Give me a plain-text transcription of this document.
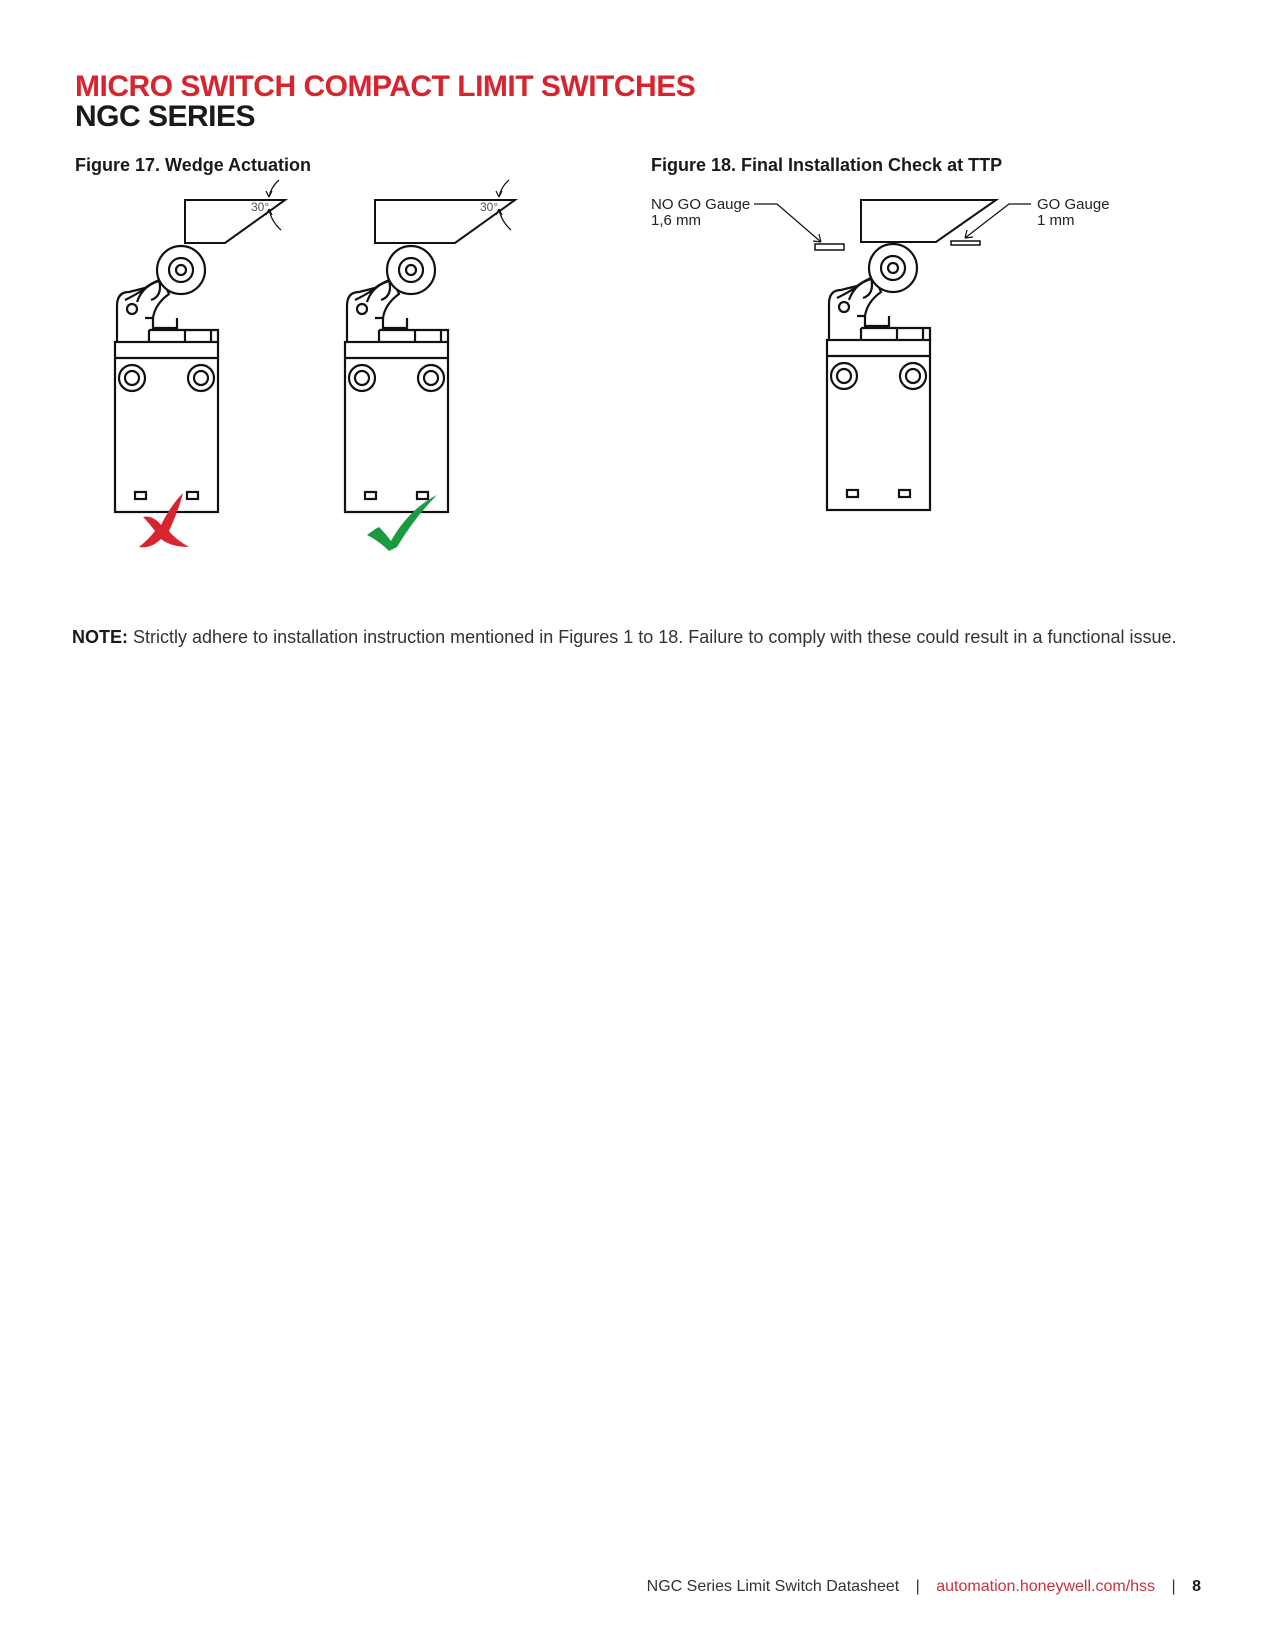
MICRO SWITCH COMPACT LIMIT SWITCHES
NGC SERIES

Figure 17. Wedge Actuation	Figure 18. Final Installation Check at TTP

30°	30°	NO GO Gauge
1,6 mm
GO Gauge
1 mm

NOTE: Strictly adhere to installation instruction mentioned in Figures 1 to 18. Failure to comply with these could result in a functional issue.

NGC Series Limit Switch Datasheet | automation.honeywell.com/hss | 8
